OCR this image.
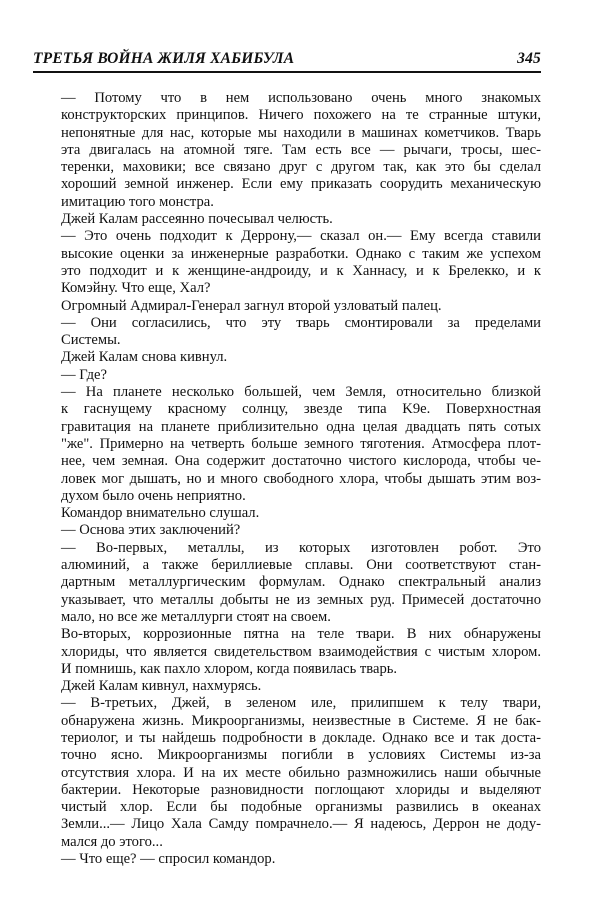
ТРЕТЬЯ ВОЙНА ЖИЛЯ ХАБИБУЛА	345
— Потому что в нем использовано очень много знакомых
конструкторских принципов. Ничего похожего на те странные штуки,
непонятные для нас, которые мы находили в машинах кометчиков. Тварь
эта двигалась на атомной тяге. Там есть все — рычаги, тросы, шес-
теренки, маховики; все связано друг с другом так, как это бы сделал
хороший земной инженер. Если ему приказать соорудить механическую
имитацию того монстра.
Джей Калам рассеянно почесывал челюсть.
— Это очень подходит к Деррону,— сказал он.— Ему всегда ставили
высокие оценки за инженерные разработки. Однако с таким же успехом
это подходит и к женщине-андроиду, и к Ханнасу, и к Брелекко, и к
Комэйну. Что еще, Хал?
Огромный Адмирал-Генерал загнул второй узловатый палец.
— Они согласились, что эту тварь смонтировали за пределами
Системы.
Джей Калам снова кивнул.
— Где?
— На планете несколько большей, чем Земля, относительно близкой
к гаснущему красному солнцу, звезде типа K9e. Поверхностная
гравитация на планете приблизительно одна целая двадцать пять сотых
"же". Примерно на четверть больше земного тяготения. Атмосфера плот-
нее, чем земная. Она содержит достаточно чистого кислорода, чтобы че-
ловек мог дышать, но и много свободного хлора, чтобы дышать этим воз-
духом было очень неприятно.
Командор внимательно слушал.
— Основа этих заключений?
— Во-первых, металлы, из которых изготовлен робот. Это
алюминий, а также бериллиевые сплавы. Они соответствуют стан-
дартным металлургическим формулам. Однако спектральный анализ
указывает, что металлы добыты не из земных руд. Примесей достаточно
мало, но все же металлурги стоят на своем.
Во-вторых, коррозионные пятна на теле твари. В них обнаружены
хлориды, что является свидетельством взаимодействия с чистым хлором.
И помнишь, как пахло хлором, когда появилась тварь.
Джей Калам кивнул, нахмурясь.
— В-третьих, Джей, в зеленом иле, прилипшем к телу твари,
обнаружена жизнь. Микроорганизмы, неизвестные в Системе. Я не бак-
териолог, и ты найдешь подробности в докладе. Однако все и так доста-
точно ясно. Микроорганизмы погибли в условиях Системы из-за
отсутствия хлора. И на их месте обильно размножились наши обычные
бактерии. Некоторые разновидности поглощают хлориды и выделяют
чистый хлор. Если бы подобные организмы развились в океанах
Земли...— Лицо Хала Самду помрачнело.— Я надеюсь, Деррон не доду-
мался до этого...
— Что еще? — спросил командор.
